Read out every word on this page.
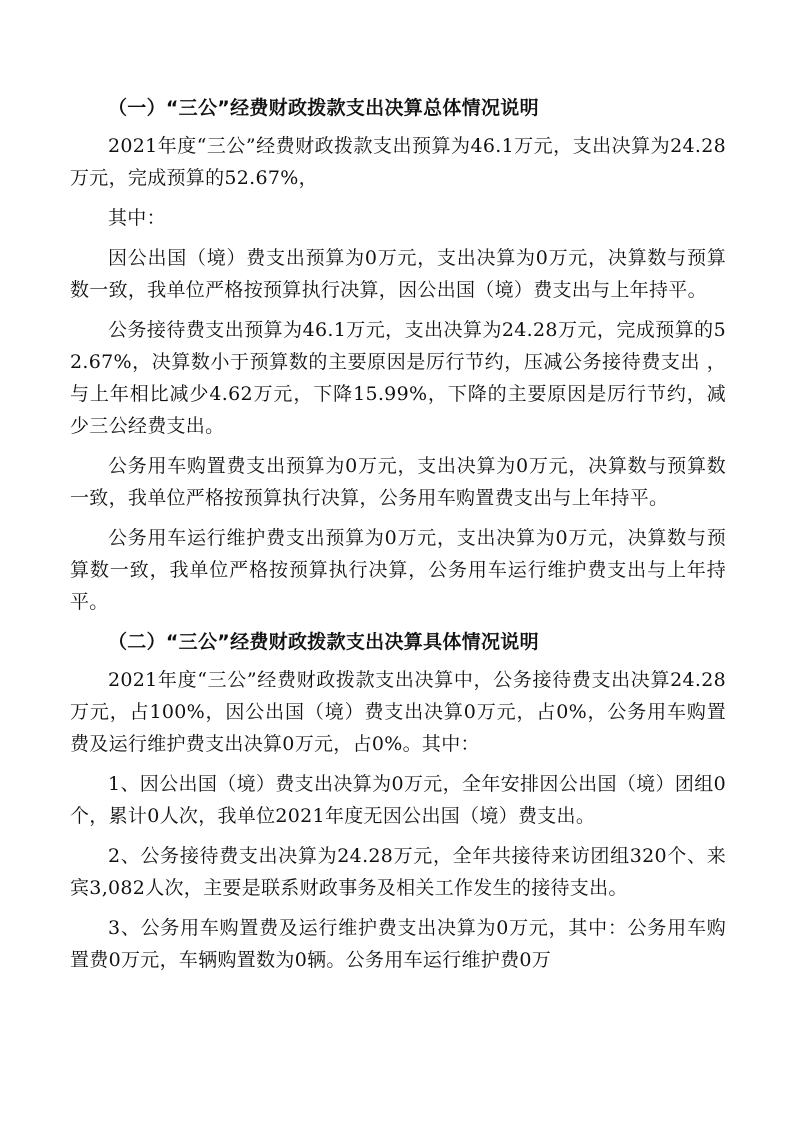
（一）“三公”经费财政拨款支出决算总体情况说明

2021年度“三公”经费财政拨款支出预算为46.1万元，支出决算为24.28万元，完成预算的52.67%，

其中：

因公出国（境）费支出预算为0万元，支出决算为0万元，决算数与预算数一致，我单位严格按预算执行决算，因公出国（境）费支出与上年持平。

公务接待费支出预算为46.1万元，支出决算为24.28万元，完成预算的52.67%，决算数小于预算数的主要原因是厉行节约，压减公务接待费支出 ，与上年相比减少4.62万元，下降15.99%，下降的主要原因是厉行节约，减少三公经费支出。

公务用车购置费支出预算为0万元，支出决算为0万元，决算数与预算数一致，我单位严格按预算执行决算，公务用车购置费支出与上年持平。

公务用车运行维护费支出预算为0万元，支出决算为0万元，决算数与预算数一致，我单位严格按预算执行决算，公务用车运行维护费支出与上年持平。

（二）“三公”经费财政拨款支出决算具体情况说明

2021年度“三公”经费财政拨款支出决算中，公务接待费支出决算24.28万元，占100%，因公出国（境）费支出决算0万元，占0%，公务用车购置费及运行维护费支出决算0万元，占0%。其中：

1、因公出国（境）费支出决算为0万元，全年安排因公出国（境）团组0个，累计0人次，我单位2021年度无因公出国（境）费支出。

2、公务接待费支出决算为24.28万元，全年共接待来访团组320个、来宾3,082人次，主要是联系财政事务及相关工作发生的接待支出。

3、公务用车购置费及运行维护费支出决算为0万元，其中：公务用车购置费0万元，车辆购置数为0辆。公务用车运行维护费0万
